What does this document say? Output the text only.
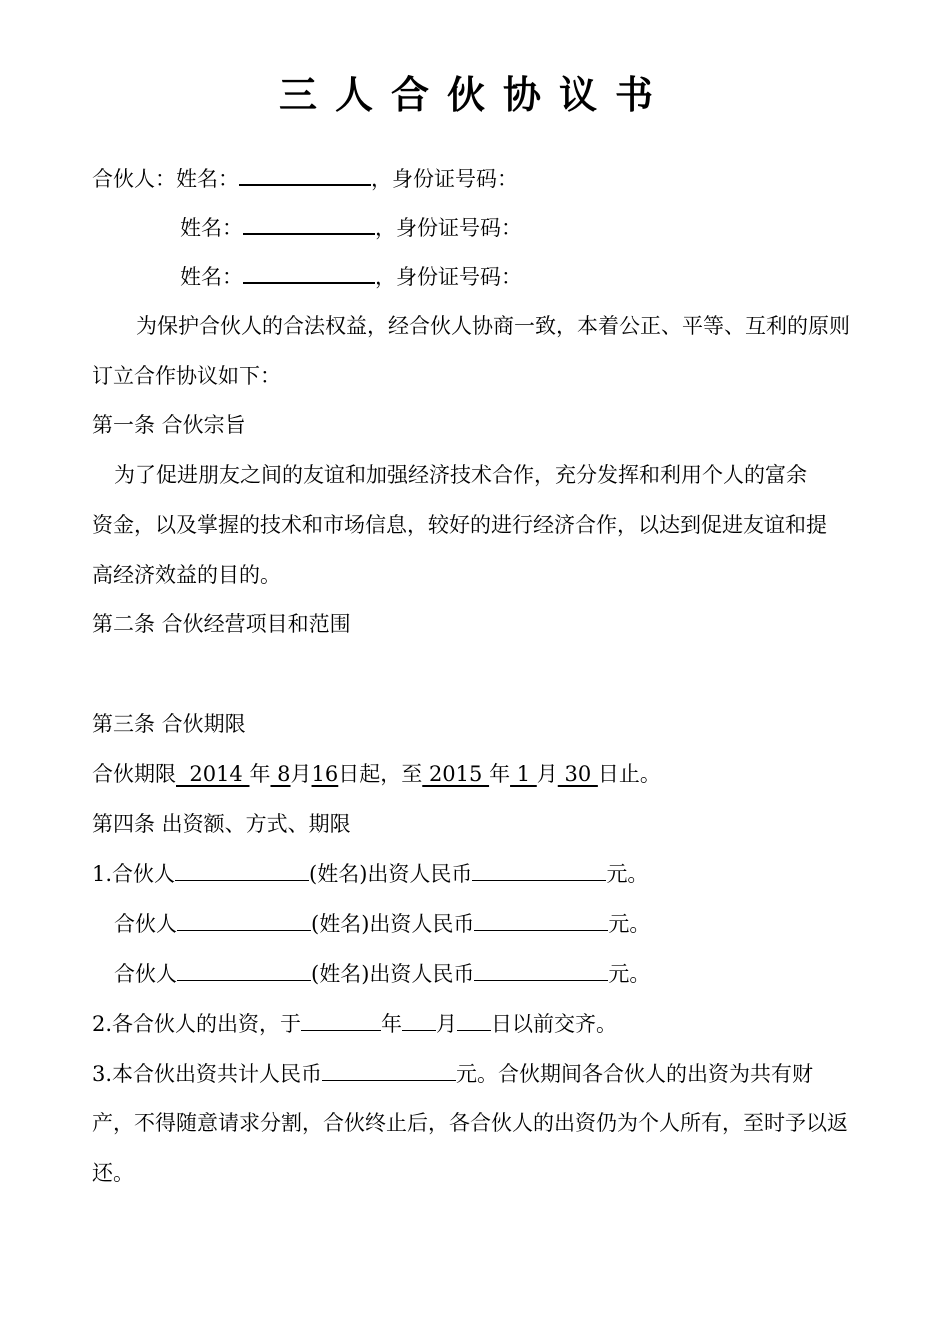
三人合伙协议书
合伙人：姓名：	，身份证号码：
姓名：	，身份证号码：
姓名：	，身份证号码：
为保护合伙人的合法权益，经合伙人协商一致，本着公正、平等、互利的原则
订立合作协议如下：
第一条 合伙宗旨
为了促进朋友之间的友谊和加强经济技术合作，充分发挥和利用个人的富余
资金，以及掌握的技术和市场信息，较好的进行经济合作，以达到促进友谊和提
高经济效益的目的。
第二条 合伙经营项目和范围
第三条 合伙期限
合伙期限  2014 年 8月16日起，至 2015 年 1 月 30 日止。
第四条 出资额、方式、期限
1.合伙人	(姓名)出资人民币	元。
合伙人	(姓名)出资人民币	元。
合伙人	(姓名)出资人民币	元。
2.各合伙人的出资，于	年 月 日以前交齐。
3.本合伙出资共计人民币	元。合伙期间各合伙人的出资为共有财
产，不得随意请求分割，合伙终止后，各合伙人的出资仍为个人所有，至时予以返
还。
